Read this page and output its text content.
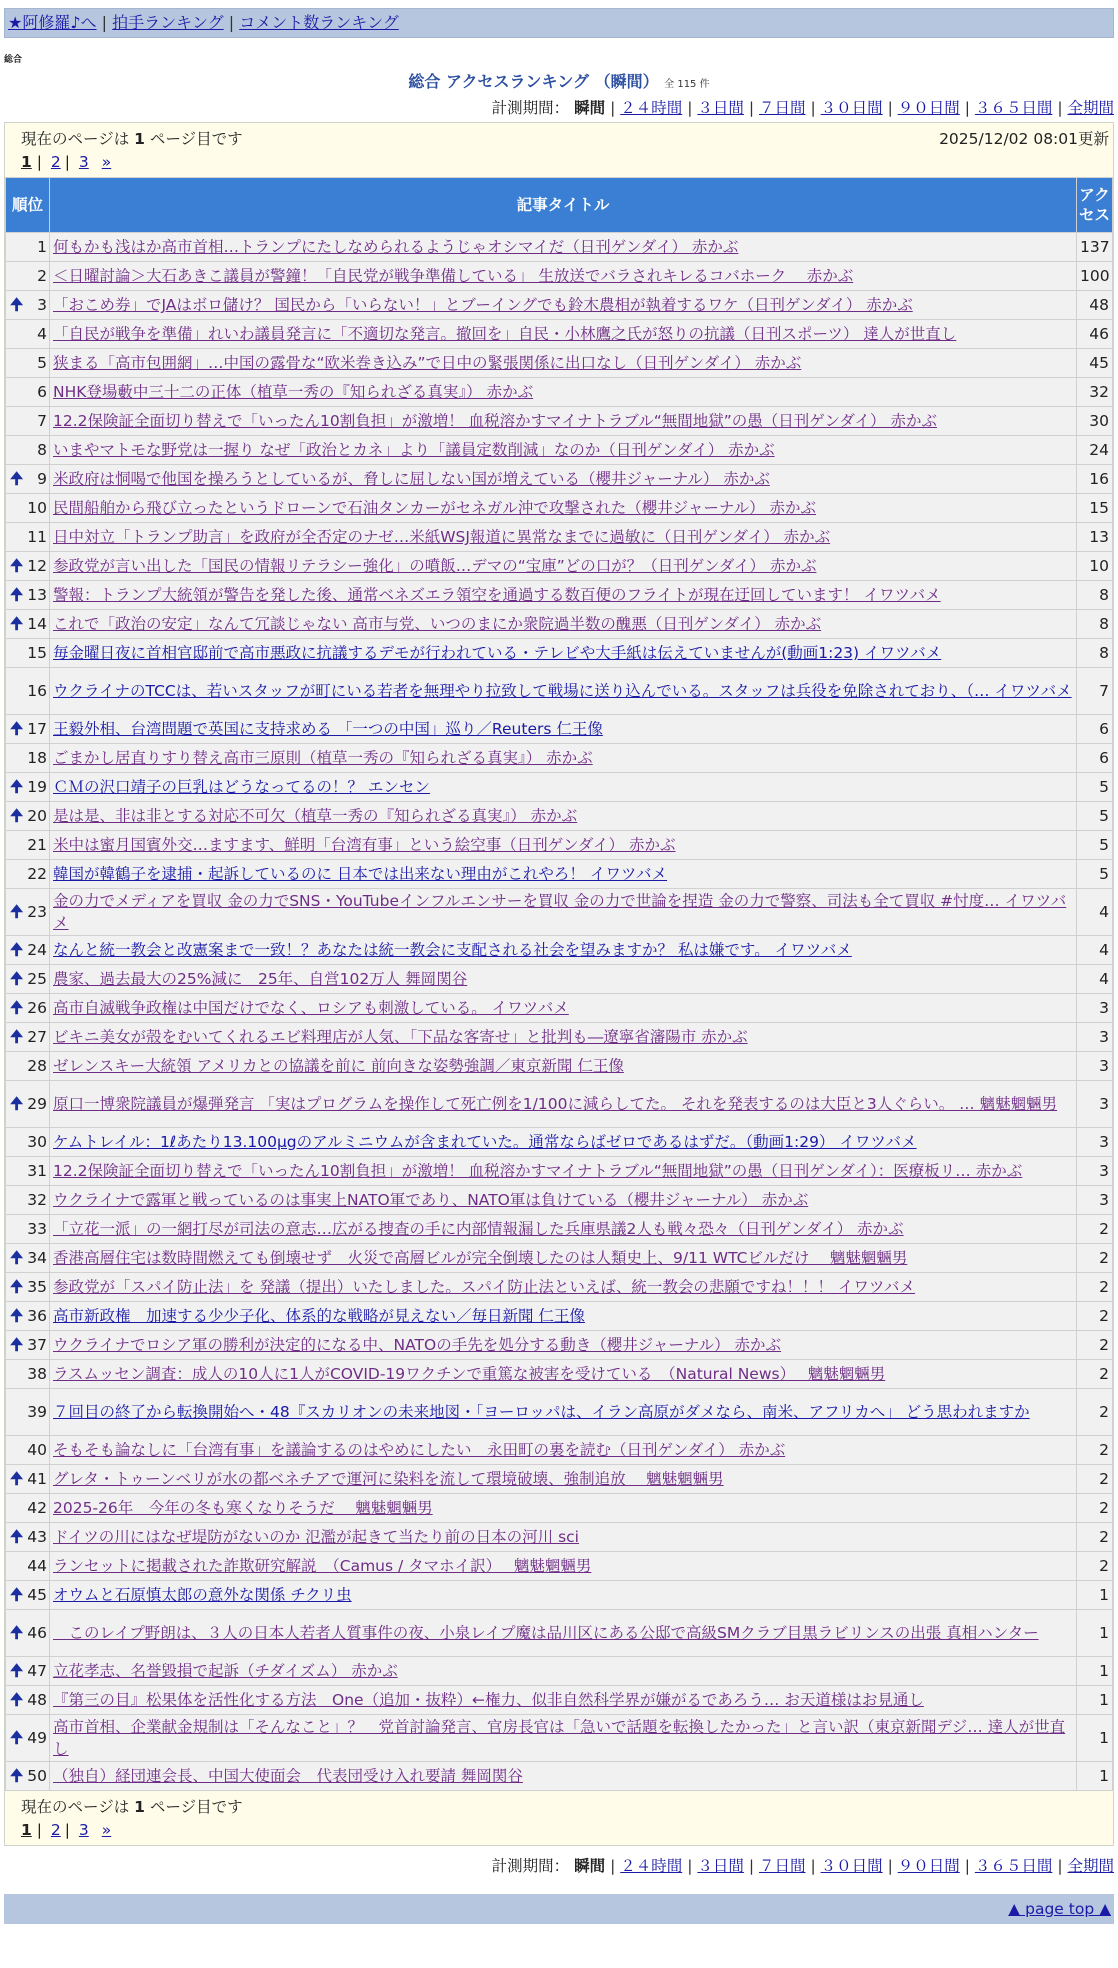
★阿修羅♪へ | 拍手ランキング | コメント数ランキング
総合
総合 アクセスランキング （瞬間） 全 115 件
計測期間： 瞬間 | ２４時間 | ３日間 | ７日間 | ３０日間 | ９０日間 | ３６５日間 | 全期間
現在のページは 1 ページ目です	2025/12/02 08:01更新
1 | 2 | 3 »
順位	記事タイトル	アクセス
1	何もかも浅はか高市首相…トランプにたしなめられるようじゃオシマイだ（日刊ゲンダイ） 赤かぶ	137
2	＜日曜討論＞大石あきこ議員が警鐘！「自民党が戦争準備している」 生放送でバラされキレるコバホーク　 赤かぶ	100

🠉 3	「おこめ券」でJAはボロ儲け？ 国民から「いらない！」とブーイングでも鈴木農相が執着するワケ（日刊ゲンダイ） 赤かぶ	48
4	「自民が戦争を準備」れいわ議員発言に「不適切な発言。撤回を」自民・小林鷹之氏が怒りの抗議（日刊スポーツ） 達人が世直し	46
5	狭まる「高市包囲網」…中国の露骨な“欧米巻き込み”で日中の緊張関係に出口なし（日刊ゲンダイ） 赤かぶ	45
6	NHK登場藪中三十二の正体（植草一秀の『知られざる真実』） 赤かぶ	32
7	12.2保険証全面切り替えで「いったん10割負担」が激増！ 血税溶かすマイナトラブル“無間地獄”の愚（日刊ゲンダイ） 赤かぶ	30
8	いまやマトモな野党は一握り なぜ「政治とカネ」より「議員定数削減」なのか（日刊ゲンダイ） 赤かぶ	24

🠉 9	米政府は恫喝で他国を操ろうとしているが、脅しに屈しない国が増えている（櫻井ジャーナル） 赤かぶ	16
10	民間船舶から飛び立ったというドローンで石油タンカーがセネガル沖で攻撃された（櫻井ジャーナル） 赤かぶ	15
11	日中対立「トランプ助言」を政府が全否定のナゼ…米紙WSJ報道に異常なまでに過敏に（日刊ゲンダイ） 赤かぶ	13

🠉 12	参政党が言い出した「国民の情報リテラシー強化」の噴飯…デマの“宝庫”どの口が？（日刊ゲンダイ） 赤かぶ	10

🠉 13	警報：トランプ大統領が警告を発した後、通常ベネズエラ領空を通過する数百便のフライトが現在迂回しています！ イワツバメ	8

🠉 14	これで「政治の安定」なんて冗談じゃない 高市与党、いつのまにか衆院過半数の醜悪（日刊ゲンダイ） 赤かぶ	8
15	毎金曜日夜に首相官邸前で高市悪政に抗議するデモが行われている・テレビや大手紙は伝えていませんが(動画1:23) イワツバメ	8
16	ウクライナのTCCは、若いスタッフが町にいる若者を無理やり拉致して戦場に送り込んでいる。スタッフは兵役を免除されており、（… イワツバメ	7

🠉 17	王毅外相、台湾問題で英国に支持求める 「一つの中国」巡り／Reuters 仁王像	6
18	ごまかし居直りすり替え高市三原則（植草一秀の『知られざる真実』） 赤かぶ	6

🠉 19	ＣＭの沢口靖子の巨乳はどうなってるの！？ エンセン	5

🠉 20	是は是、非は非とする対応不可欠（植草一秀の『知られざる真実』） 赤かぶ	5
21	米中は蜜月国賓外交…ますます、鮮明「台湾有事」という絵空事（日刊ゲンダイ） 赤かぶ	5
22	韓国が韓鶴子を逮捕・起訴しているのに 日本では出来ない理由がこれやろ！ イワツバメ	5

🠉 23	金の力でメディアを買収 金の力でSNS・YouTubeインフルエンサーを買収 金の力で世論を捏造 金の力で警察、司法も全て買収 #忖度… イワツバメ	4

🠉 24	なんと統一教会と改憲案まで一致！？あなたは統一教会に支配される社会を望みますか？ 私は嫌です。 イワツバメ	4

🠉 25	農家、過去最大の25%減に　25年、自営102万人 舞岡関谷	4

🠉 26	高市自滅戦争政権は中国だけでなく、ロシアも刺激している。 イワツバメ	3

🠉 27	ビキニ美女が殻をむいてくれるエビ料理店が人気、「下品な客寄せ」と批判も―遼寧省瀋陽市 赤かぶ	3
28	ゼレンスキー大統領 アメリカとの協議を前に 前向きな姿勢強調／東京新聞 仁王像	3

🠉 29	原口一博衆院議員が爆弾発言 「実はプログラムを操作して死亡例を1/100に減らしてた。 それを発表するのは大臣と3人ぐらい。 … 魑魅魍魎男	3
30	ケムトレイル：1ℓあたり13.100μgのアルミニウムが含まれていた。通常ならばゼロであるはずだ。（動画1:29） イワツバメ	3
31	12.2保険証全面切り替えで「いったん10割負担」が激増！ 血税溶かすマイナトラブル“無間地獄”の愚（日刊ゲンダイ）：医療板リ… 赤かぶ	3
32	ウクライナで露軍と戦っているのは事実上NATO軍であり、NATO軍は負けている（櫻井ジャーナル） 赤かぶ	3
33	「立花一派」の一網打尽が司法の意志…広がる捜査の手に内部情報漏した兵庫県議2人も戦々恐々（日刊ゲンダイ） 赤かぶ	2

🠉 34	香港高層住宅は数時間燃えても倒壊せず　火災で高層ビルが完全倒壊したのは人類史上、9/11 WTCビルだけ　 魑魅魍魎男	2

🠉 35	参政党が「スパイ防止法」を 発議（提出）いたしました。スパイ防止法といえば、統一教会の悲願ですね！！！ イワツバメ	2

🠉 36	高市新政権　加速する少少子化、体系的な戦略が見えない／毎日新聞 仁王像	2

🠉 37	ウクライナでロシア軍の勝利が決定的になる中、NATOの手先を処分する動き（櫻井ジャーナル） 赤かぶ	2
38	ラスムッセン調査：成人の10人に1人がCOVID-19ワクチンで重篤な被害を受けている　（Natural News）　 魑魅魍魎男	2
39	７回目の終了から転換開始へ・48『スカリオンの未来地図・「ヨーロッパは、イラン高原がダメなら、南米、アフリカへ」 どう思われますか	2
40	そもそも論なしに「台湾有事」を議論するのはやめにしたい　永田町の裏を読む（日刊ゲンダイ） 赤かぶ	2

🠉 41	グレタ・トゥーンベリが水の都ベネチアで運河に染料を流して環境破壊、強制追放　 魑魅魍魎男	2
42	2025-26年　今年の冬も寒くなりそうだ　 魑魅魍魎男	2

🠉 43	ドイツの川にはなぜ堤防がないのか 氾濫が起きて当たり前の日本の河川 sci	2
44	ランセットに掲載された詐欺研究解説　（Camus / タマホイ訳）　 魑魅魍魎男	2

🠉 45	オウムと石原慎太郎の意外な関係 チクリ虫	1

🠉 46	　このレイプ野朗は、３人の日本人若者人質事件の夜、小泉レイプ魔は品川区にある公邸で高級SMクラブ目黒ラビリンスの出張 真相ハンター	1

🠉 47	立花孝志、名誉毀損で起訴（チダイズム） 赤かぶ	1

🠉 48	『第三の目』松果体を活性化する方法　One（追加・抜粋）←権力、似非自然科学界が嫌がるであろう… お天道様はお見通し	1

🠉 49	高市首相、企業献金規制は「そんなこと」？　党首討論発言、官房長官は「急いで話題を転換したかった」と言い訳（東京新聞デジ… 達人が世直し	1

🠉 50	（独自）経団連会長、中国大使面会　代表団受け入れ要請 舞岡関谷	1
現在のページは 1 ページ目です
1 | 2 | 3 »
計測期間： 瞬間 | ２４時間 | ３日間 | ７日間 | ３０日間 | ９０日間 | ３６５日間 | 全期間
▲ page top ▲
